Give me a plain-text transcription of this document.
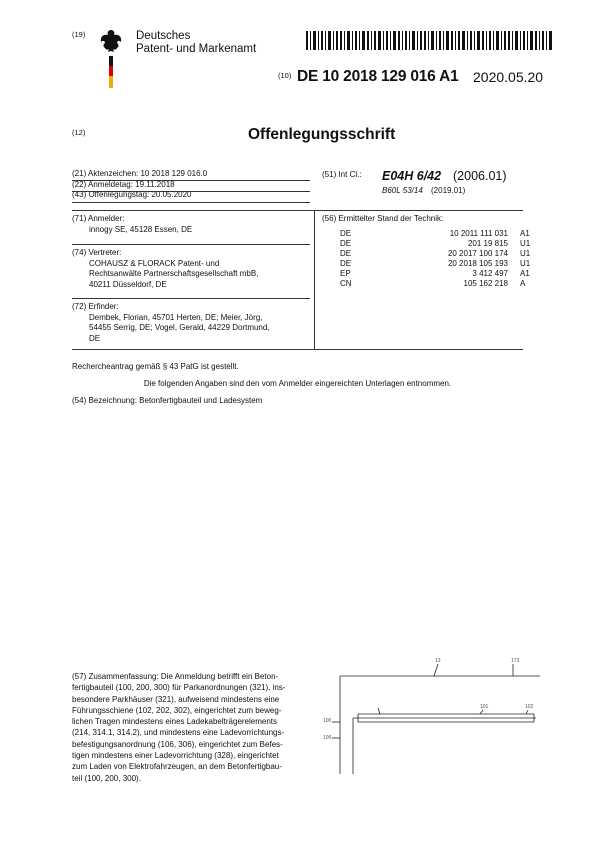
(19)	Deutsches
Patent- und Markenamt
(10) DE 10 2018 129 016 A1 2020.05.20
(12)	Offenlegungsschrift
(21) Aktenzeichen: 10 2018 129 016.0
(22) Anmeldetag: 19.11.2018
(43) Offenlegungstag: 20.05.2020
(51) Int Cl.: E04H 6/42 (2006.01)
B60L 53/14 (2019.01)
(71) Anmelder:
innogy SE, 45128 Essen, DE
(74) Vertreter:
COHAUSZ & FLORACK Patent- und
Rechtsanwälte Partnerschaftsgesellschaft mbB,
40211 Düsseldorf, DE
(72) Erfinder:
Dembek, Florian, 45701 Herten, DE; Meier, Jörg,
54455 Serrig, DE; Vogel, Gerald, 44229 Dortmund,
DE
(56) Ermittelter Stand der Technik:
DE	10 2011 111 031		A1
DE	201 19 815		U1
DE	20 2017 100 174		U1
DE	20 2018 105 193		U1
EP	3 412 497		A1
CN	105 162 218		A
Rechercheantrag gemäß § 43 PatG ist gestellt.
Die folgenden Angaben sind den vom Anmelder eingereichten Unterlagen entnommen.
(54) Bezeichnung: Betonfertigbauteil und Ladesystem
(57) Zusammenfassung: Die Anmeldung betrifft ein Beton-
fertigbauteil (100, 200, 300) für Parkanordnungen (321), ins-
besondere Parkhäuser (321), aufweisend mindestens eine
Führungsschiene (102, 202, 302), eingerichtet zum beweg-
lichen Tragen mindestens eines Ladekabelträgerelements
(214, 314.1, 314.2), und mindestens eine Ladevorrichtungs-
befestigungsanordnung (106, 306), eingerichtet zum Befes-
tigen mindestens einer Ladevorrichtung (328), eingerichtet
zum Laden von Elektrofahrzeugen, an dem Betonfertigbau-
teil (100, 200, 300).
13	173
101	102
100
106
